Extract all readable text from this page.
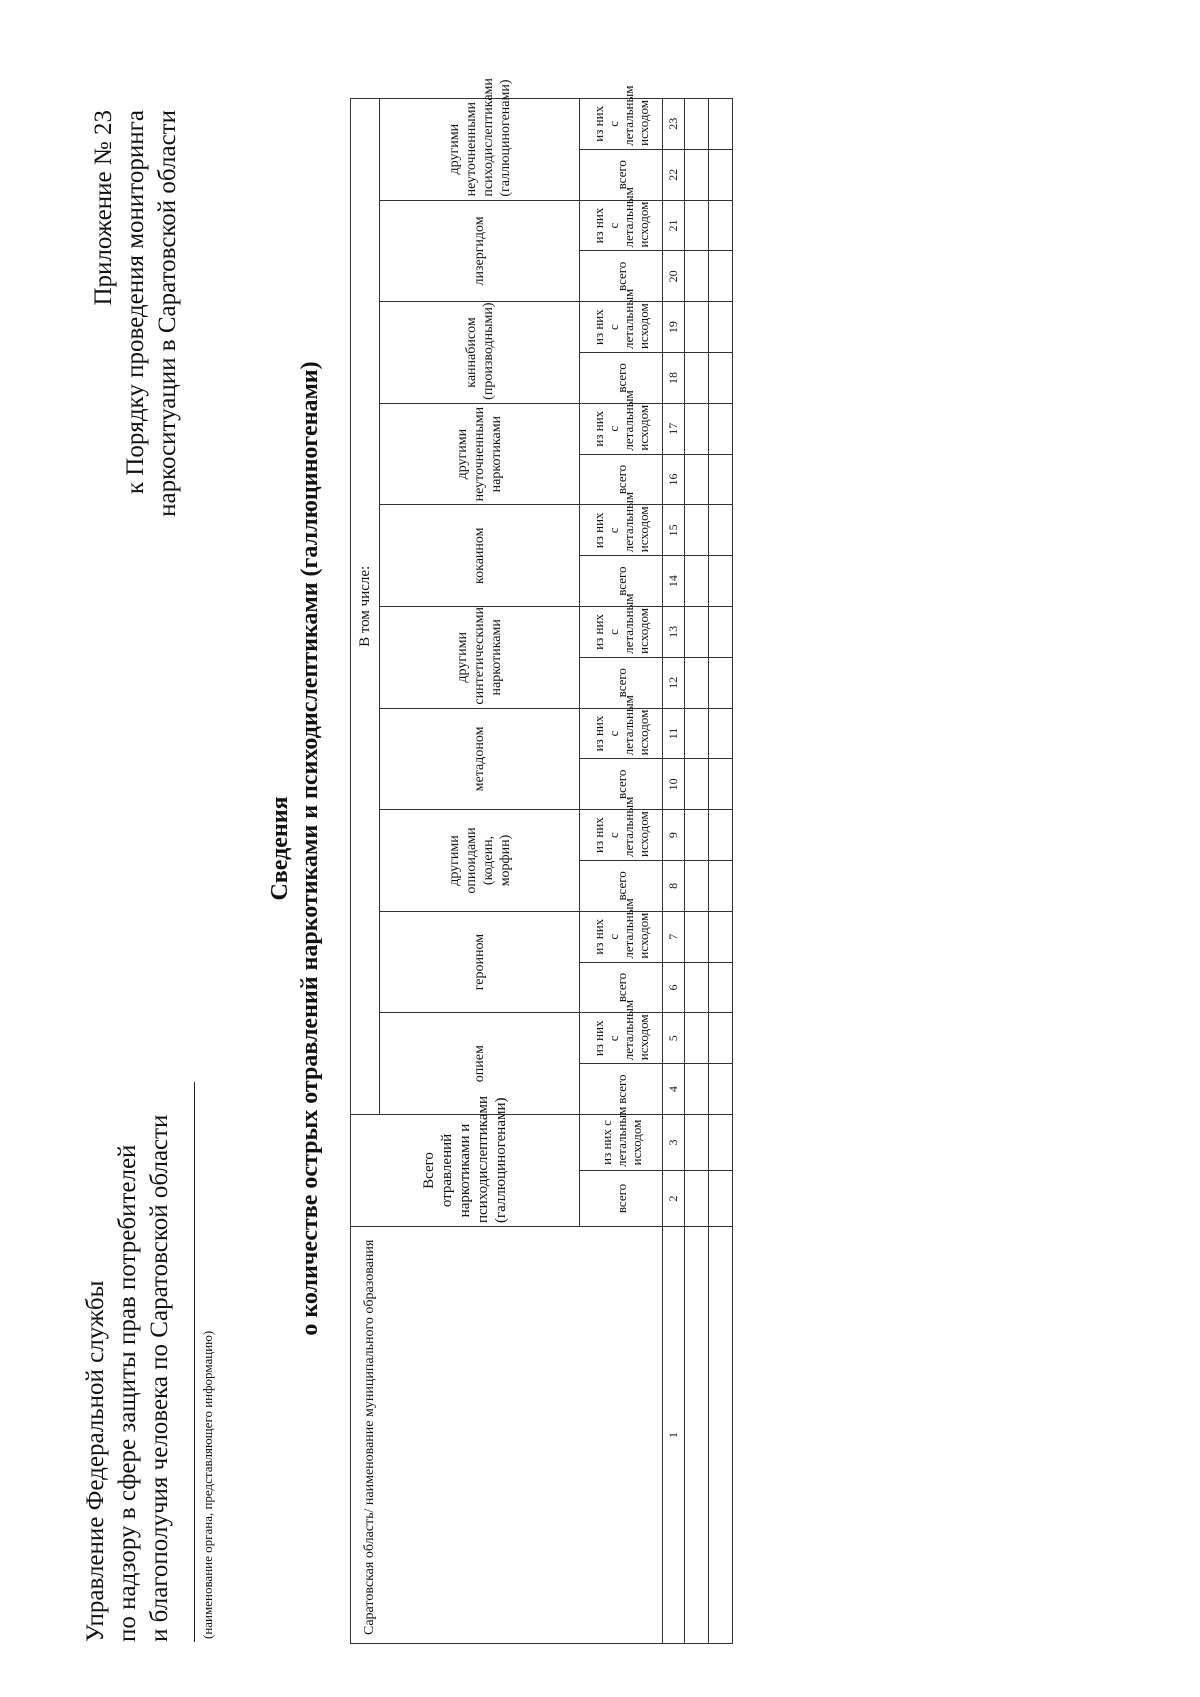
Управление Федеральной службы по надзору в сфере защиты прав потребителей и благополучия человека по Саратовской области (наименование органа, представляющего информацию)
Приложение № 23 к Порядку проведения мониторинга наркоситуации в Саратовской области
Сведения о количестве острых отравлений наркотиками и психодислептиками (галлюциногенами)
Саратовская область/ наименование муниципального образования	Всего отравлений наркотиками и психодислептиками (галлюциногенами)		В том числе:																			
			опием		героином		другими опиоидами (кодеин, морфин)		метадоном		другими синтетическими наркотиками		кокаином		другими неуточненными наркотиками		каннабисом (производными)		лизергидом		другими неуточненными психодислептиками (галлюциногенами)	
	всего	из них с летальным исходом	всего	из них с летальным исходом	всего	из них с летальным исходом	всего	из них с летальным исходом	всего	из них с летальным исходом	всего	из них с летальным исходом	всего	из них с летальным исходом	всего	из них с летальным исходом	всего	из них с летальным исходом	всего	из них с летальным исходом	всего	из них с летальным исходом
1	2	3	4	5	6	7	8	9	10	11	12	13	14	15	16	17	18	19	20	21	22	23
